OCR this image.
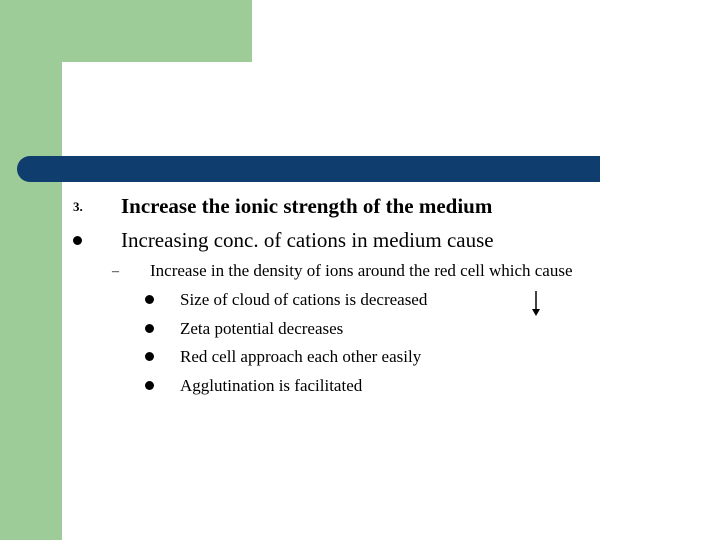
3. Increase the ionic strength of the medium
Increasing conc. of cations in medium cause
– Increase in the density of ions around the red cell which cause
Size of cloud of cations is decreased
Zeta potential decreases
Red cell approach each other easily
Agglutination is facilitated
